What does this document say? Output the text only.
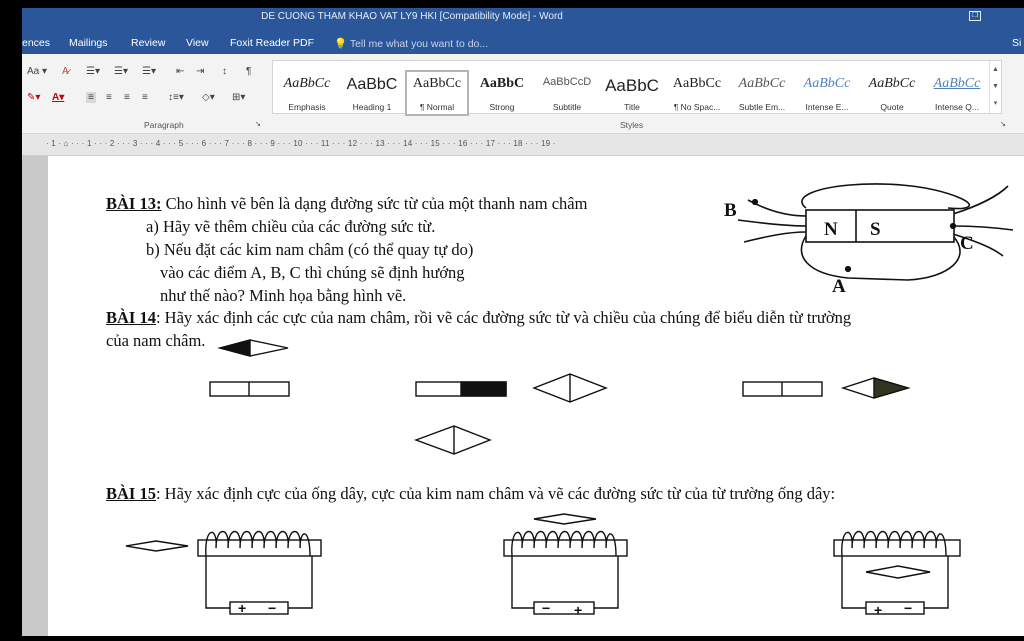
DE CUONG THAM KHAO VAT LY9 HKI [Compatibility Mode] - Word	❐
ences Mailings Review View Foxit Reader PDF 💡 Tell me what you want to do...	Si
Aa ▾ A̷
✎▾ A▾
☰▾ ☰▾ ☰▾ ⇤ ⇥ ↕ ¶
≡ ≡ ≡ ≡ ↕≡▾ ◇▾ ⊞▾
Paragraph	↘
AaBbCc
Emphasis
AaBbC
Heading 1
AaBbCc
¶ Normal
AaBbC
Strong
AaBbCcD
Subtitle
AaBbC
Title
AaBbCc
¶ No Spac...
AaBbCc
Subtle Em...
AaBbCc
Intense E...
AaBbCc
Quote
AaBbCc
Intense Q...
▲
▼
▾
Styles	↘
· 1 · ⌂ · · · 1 · · · 2 · · · 3 · · · 4 · · · 5 · · · 6 · · · 7 · · · 8 · · · 9 · · · 10 · · · 11 · · · 12 · · · 13 · · · 14 · · · 15 · · · 16 · · · 17 · · · 18 · · · 19 ·
BÀI 13: Cho hình vẽ bên là dạng đường sức từ của một thanh nam châm
a) Hãy vẽ thêm chiều của các đường sức từ.
b) Nếu đặt các kim nam châm (có thể quay tự do)
vào các điểm A, B, C thì chúng sẽ định hướng
như thế nào? Minh họa bằng hình vẽ.
BÀI 14: Hãy xác định các cực của nam châm, rồi vẽ các đường sức từ và chiều của chúng để biểu diễn từ trường
của nam châm.
BÀI 15: Hãy xác định cực của ống dây, cực của kim nam châm và vẽ các đường sức từ của từ trường ống dây:
N S
B
C
A
+ −	− +	+ −
